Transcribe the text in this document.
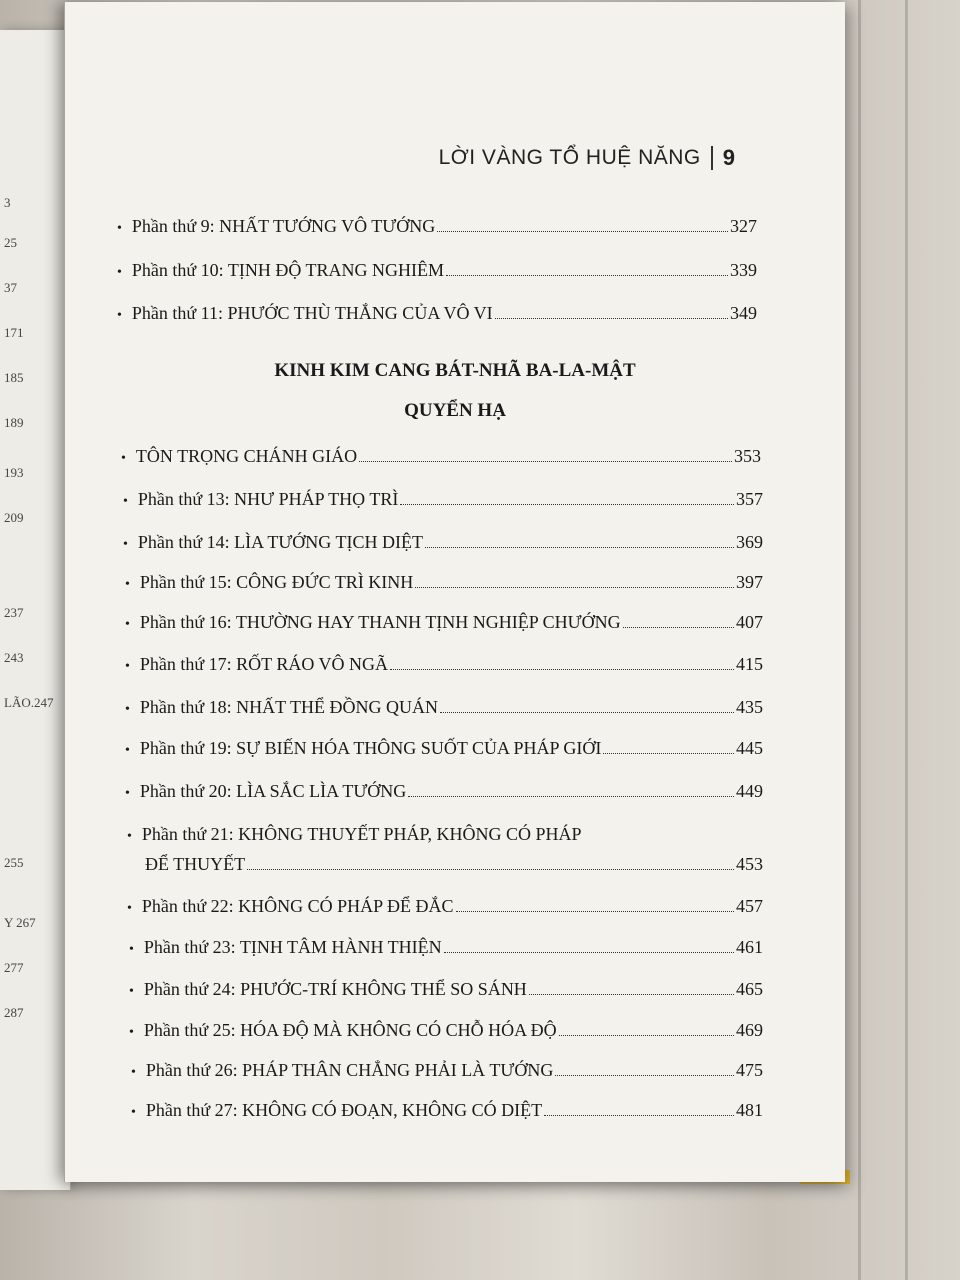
3
25
37
171
185
189
193
209
237
243
LÃO.247
255
Y 267
277
287
LỜI VÀNG TỔ HUỆ NĂNG 9
• Phần thứ 9: NHẤT TƯỚNG VÔ TƯỚNG	327
• Phần thứ 10: TỊNH ĐỘ TRANG NGHIÊM	339
• Phần thứ 11: PHƯỚC THÙ THẮNG CỦA VÔ VI	349
KINH KIM CANG BÁT-NHÃ BA-LA-MẬT
QUYỂN HẠ
• TÔN TRỌNG CHÁNH GIÁO	353
• Phần thứ 13: NHƯ PHÁP THỌ TRÌ	357
• Phần thứ 14: LÌA TƯỚNG TỊCH DIỆT	369
• Phần thứ 15: CÔNG ĐỨC TRÌ KINH	397
• Phần thứ 16: THƯỜNG HAY THANH TỊNH NGHIỆP CHƯỚNG	407
• Phần thứ 17: RỐT RÁO VÔ NGÃ	415
• Phần thứ 18: NHẤT THỂ ĐỒNG QUÁN	435
• Phần thứ 19: SỰ BIẾN HÓA THÔNG SUỐT CỦA PHÁP GIỚI	445
• Phần thứ 20: LÌA SẮC LÌA TƯỚNG	449
• Phần thứ 21: KHÔNG THUYẾT PHÁP, KHÔNG CÓ PHÁP
ĐỂ THUYẾT	453
• Phần thứ 22: KHÔNG CÓ PHÁP ĐỂ ĐẮC	457
• Phần thứ 23: TỊNH TÂM HÀNH THIỆN	461
• Phần thứ 24: PHƯỚC-TRÍ KHÔNG THỂ SO SÁNH	465
• Phần thứ 25: HÓA ĐỘ MÀ KHÔNG CÓ CHỖ HÓA ĐỘ	469
• Phần thứ 26: PHÁP THÂN CHẲNG PHẢI LÀ TƯỚNG	475
• Phần thứ 27: KHÔNG CÓ ĐOẠN, KHÔNG CÓ DIỆT	481
